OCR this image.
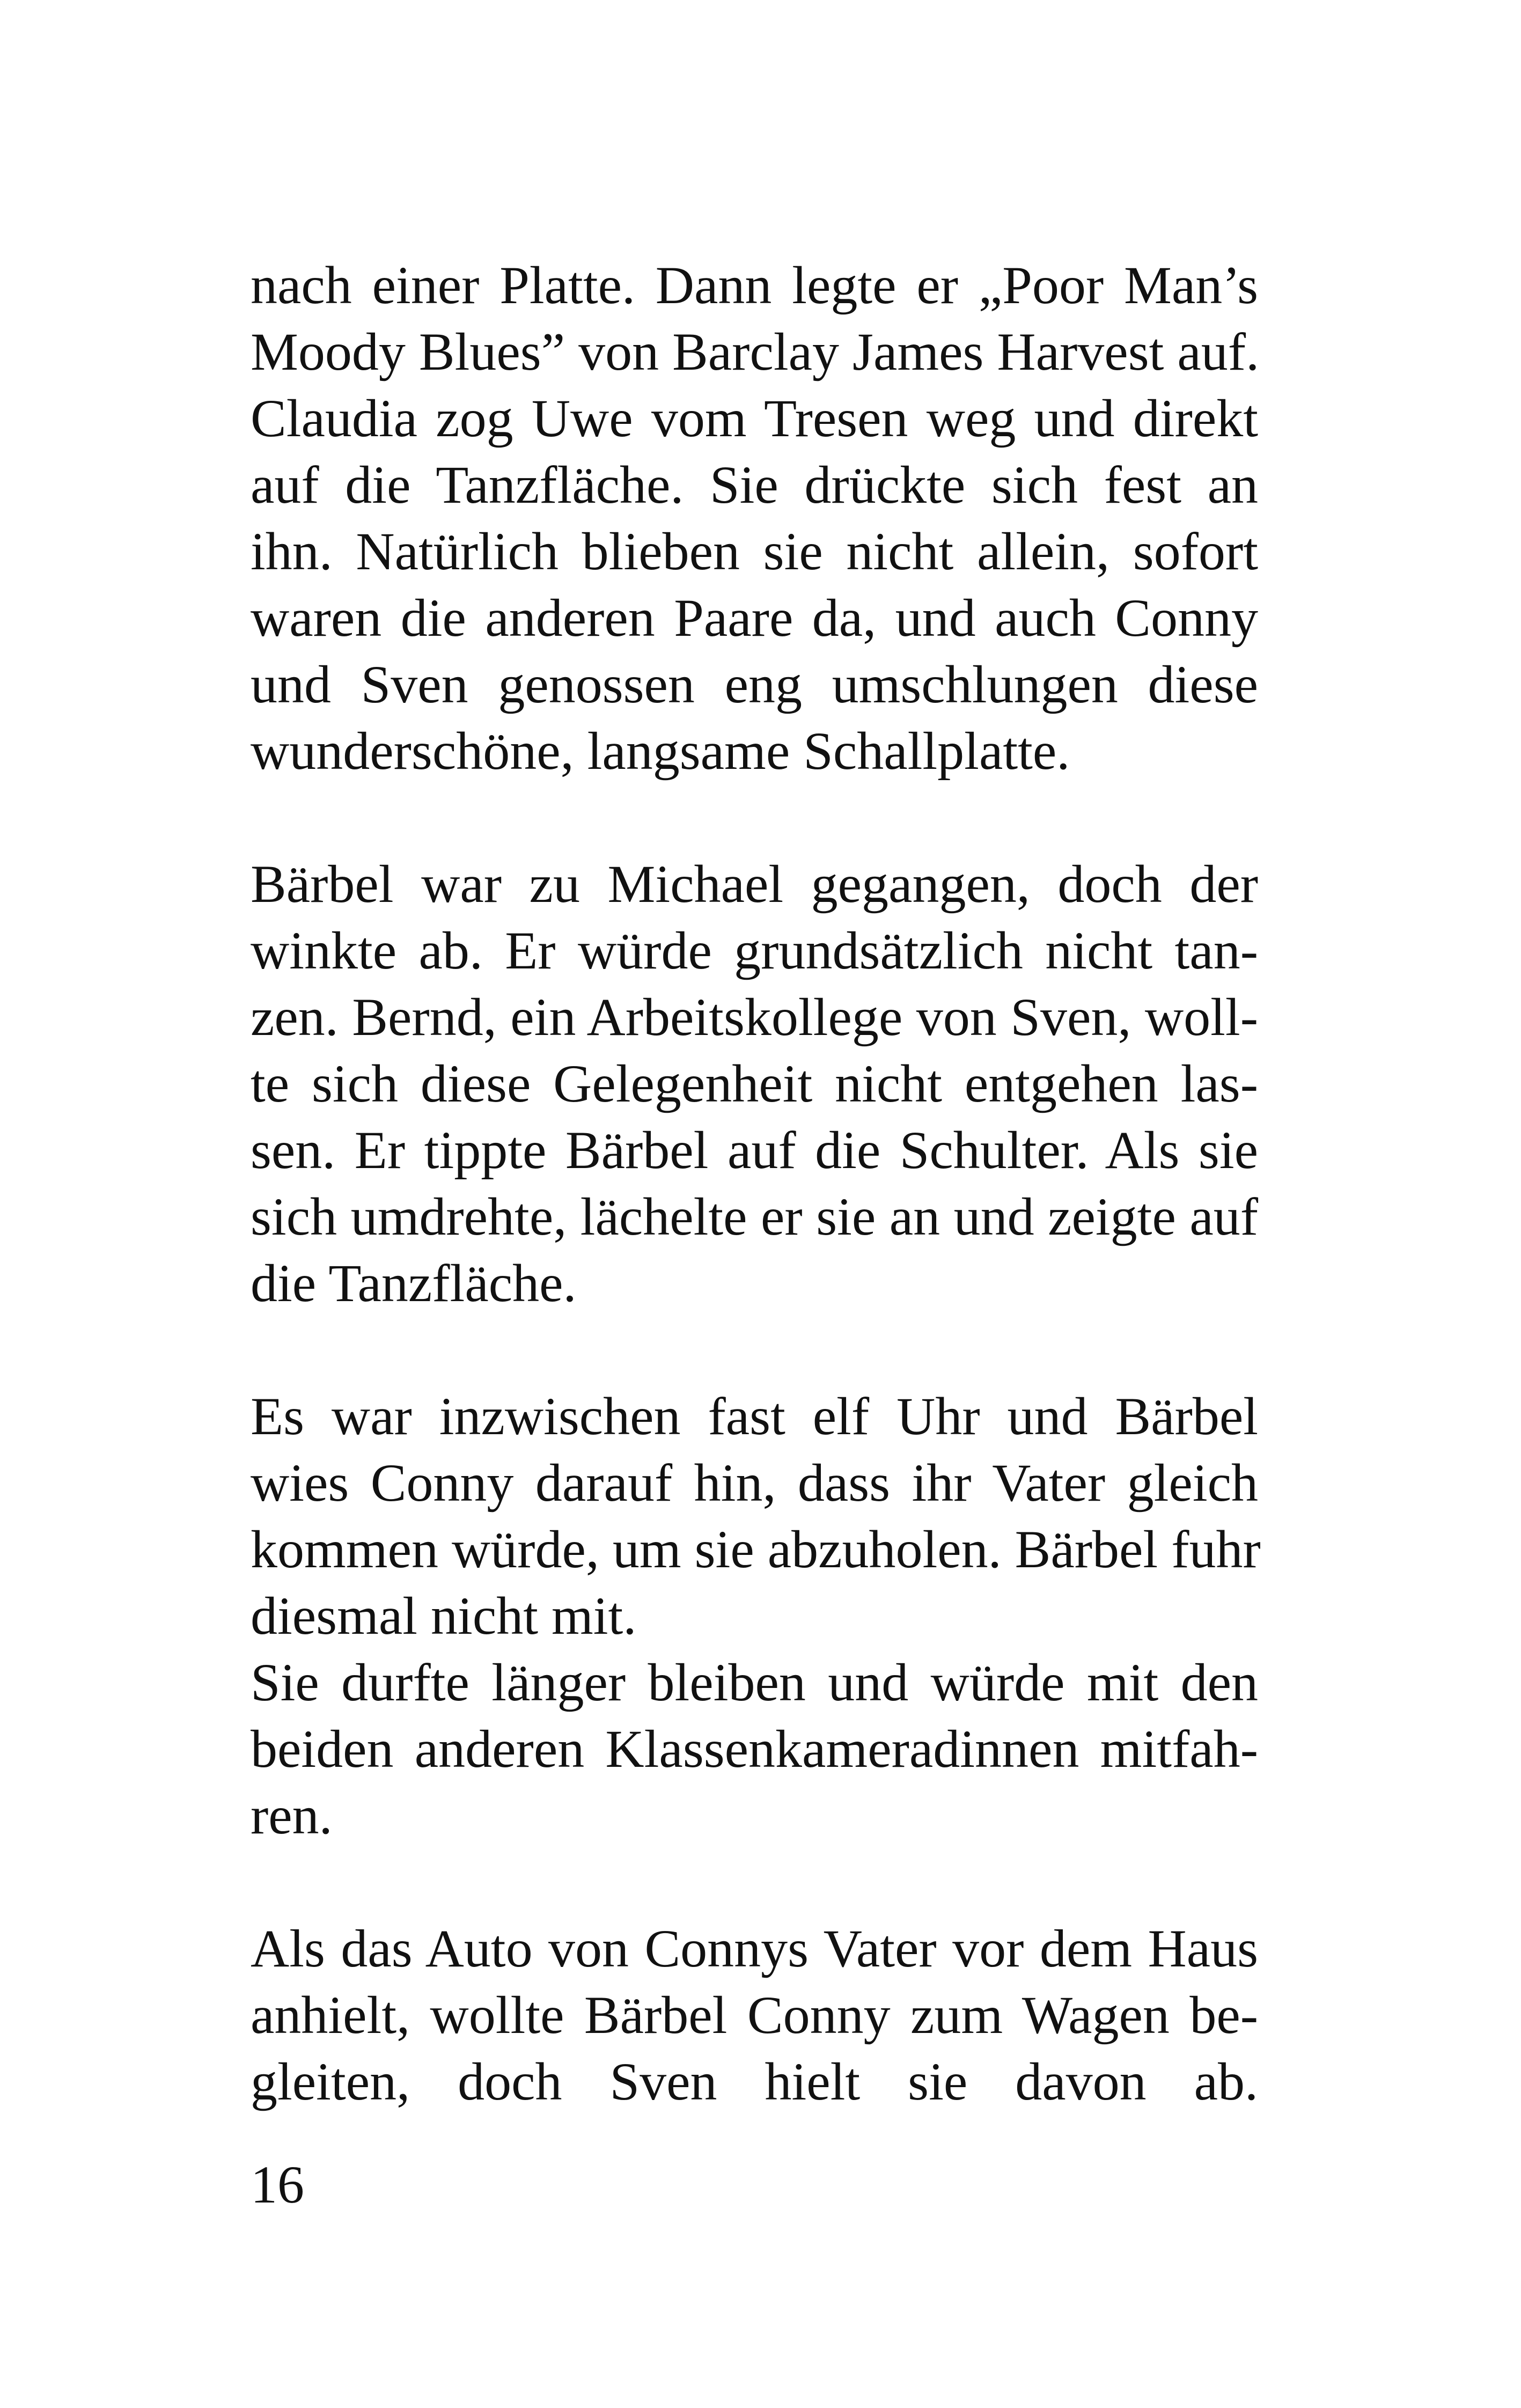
nach einer Platte. Dann legte er „Poor Man’s
Moody Blues” von Barclay James Harvest auf.
Claudia zog Uwe vom Tresen weg und direkt
auf die Tanzfläche. Sie drückte sich fest an
ihn. Natürlich blieben sie nicht allein, sofort
waren die anderen Paare da, und auch Conny
und Sven genossen eng umschlungen diese
wunderschöne, langsame Schallplatte.
Bärbel war zu Michael gegangen, doch der
winkte ab. Er würde grundsätzlich nicht tan-
zen. Bernd, ein Arbeitskollege von Sven, woll-
te sich diese Gelegenheit nicht entgehen las-
sen. Er tippte Bärbel auf die Schulter. Als sie
sich umdrehte, lächelte er sie an und zeigte auf
die Tanzfläche.
Es war inzwischen fast elf Uhr und Bärbel
wies Conny darauf hin, dass ihr Vater gleich
kommen würde, um sie abzuholen. Bärbel fuhr
diesmal nicht mit.
Sie durfte länger bleiben und würde mit den
beiden anderen Klassenkameradinnen mitfah-
ren.
Als das Auto von Connys Vater vor dem Haus
anhielt, wollte Bärbel Conny zum Wagen be-
gleiten, doch Sven hielt sie davon ab.
16
